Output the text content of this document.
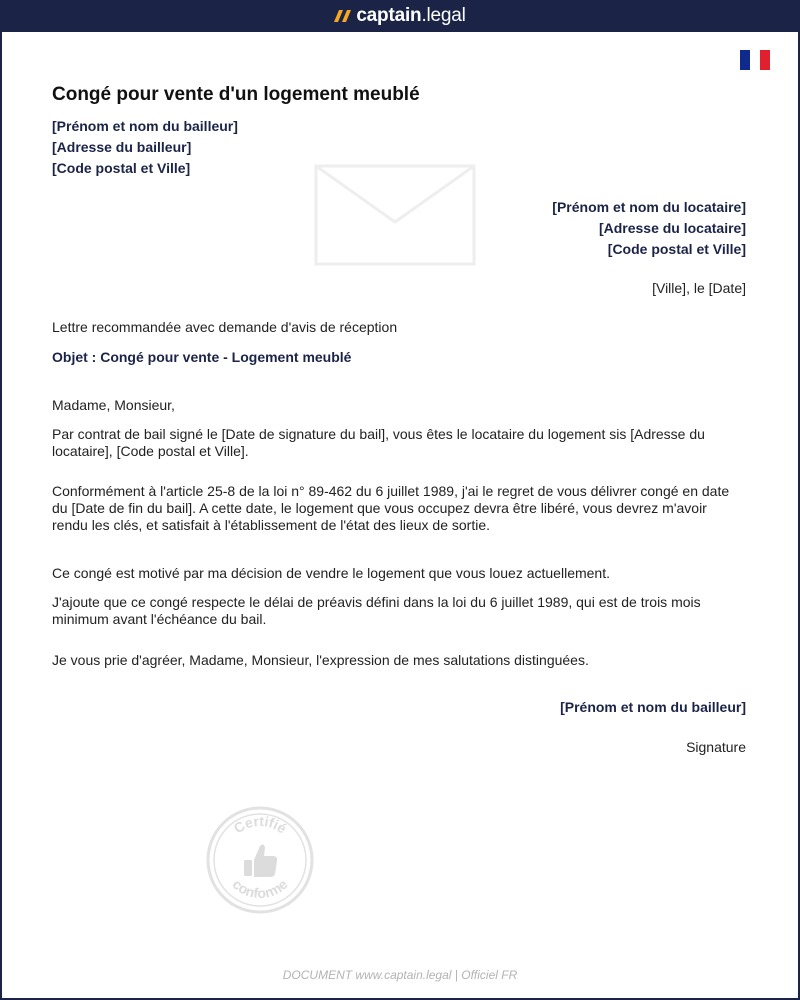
captain .legal
Congé pour vente d'un logement meublé
[Prénom et nom du bailleur]
[Adresse du bailleur]
[Code postal et Ville]
[Prénom et nom du locataire]
[Adresse du locataire]
[Code postal et Ville]
[Ville], le [Date]
Lettre recommandée avec demande d'avis de réception
Objet : Congé pour vente - Logement meublé
Madame, Monsieur,
Par contrat de bail signé le [Date de signature du bail], vous êtes le locataire du logement sis [Adresse du locataire], [Code postal et Ville].
Conformément à l'article 25-8 de la loi n° 89-462 du 6 juillet 1989, j'ai le regret de vous délivrer congé en date du [Date de fin du bail]. A cette date, le logement que vous occupez devra être libéré, vous devrez m'avoir rendu les clés, et satisfait à l'établissement de l'état des lieux de sortie.
Ce congé est motivé par ma décision de vendre le logement que vous louez actuellement.
J'ajoute que ce congé respecte le délai de préavis défini dans la loi du 6 juillet 1989, qui est de trois mois minimum avant l'échéance du bail.
Je vous prie d'agréer, Madame, Monsieur, l'expression de mes salutations distinguées.
[Prénom et nom du bailleur]
Signature
Certifié
conforme
DOCUMENT www.captain.legal | Officiel FR
